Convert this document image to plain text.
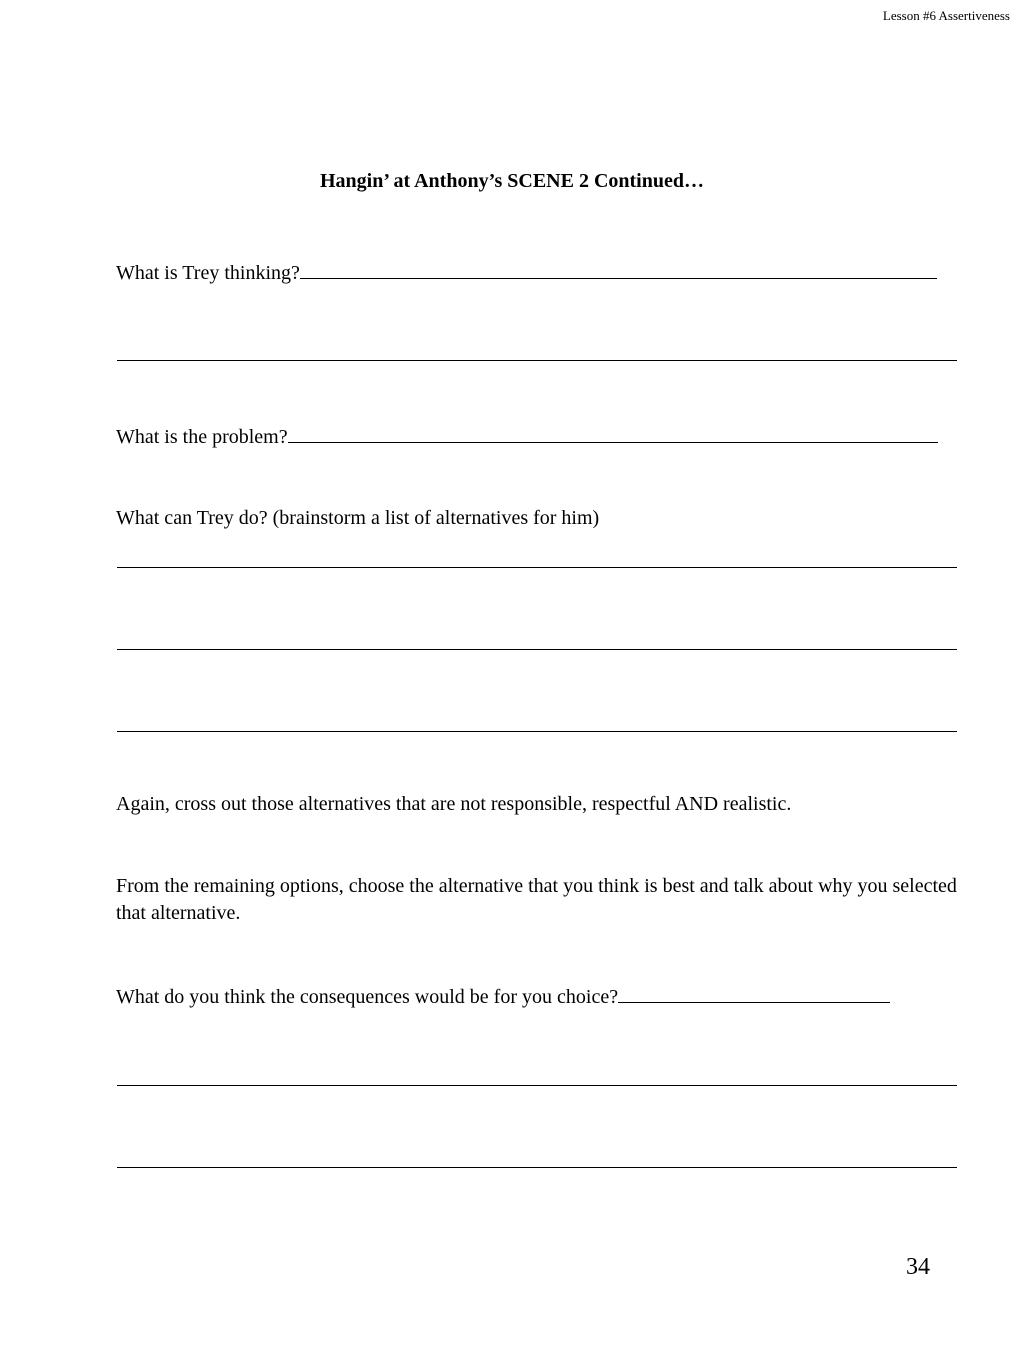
Lesson #6 Assertiveness
Hangin’ at Anthony’s SCENE 2 Continued…
What is Trey thinking?
What is the problem?
What can Trey do? (brainstorm a list of alternatives for him)
Again, cross out those alternatives that are not responsible, respectful AND realistic.
From the remaining options, choose the alternative that you think is best and talk about why you selected that alternative.
What do you think the consequences would be for you choice?
34
